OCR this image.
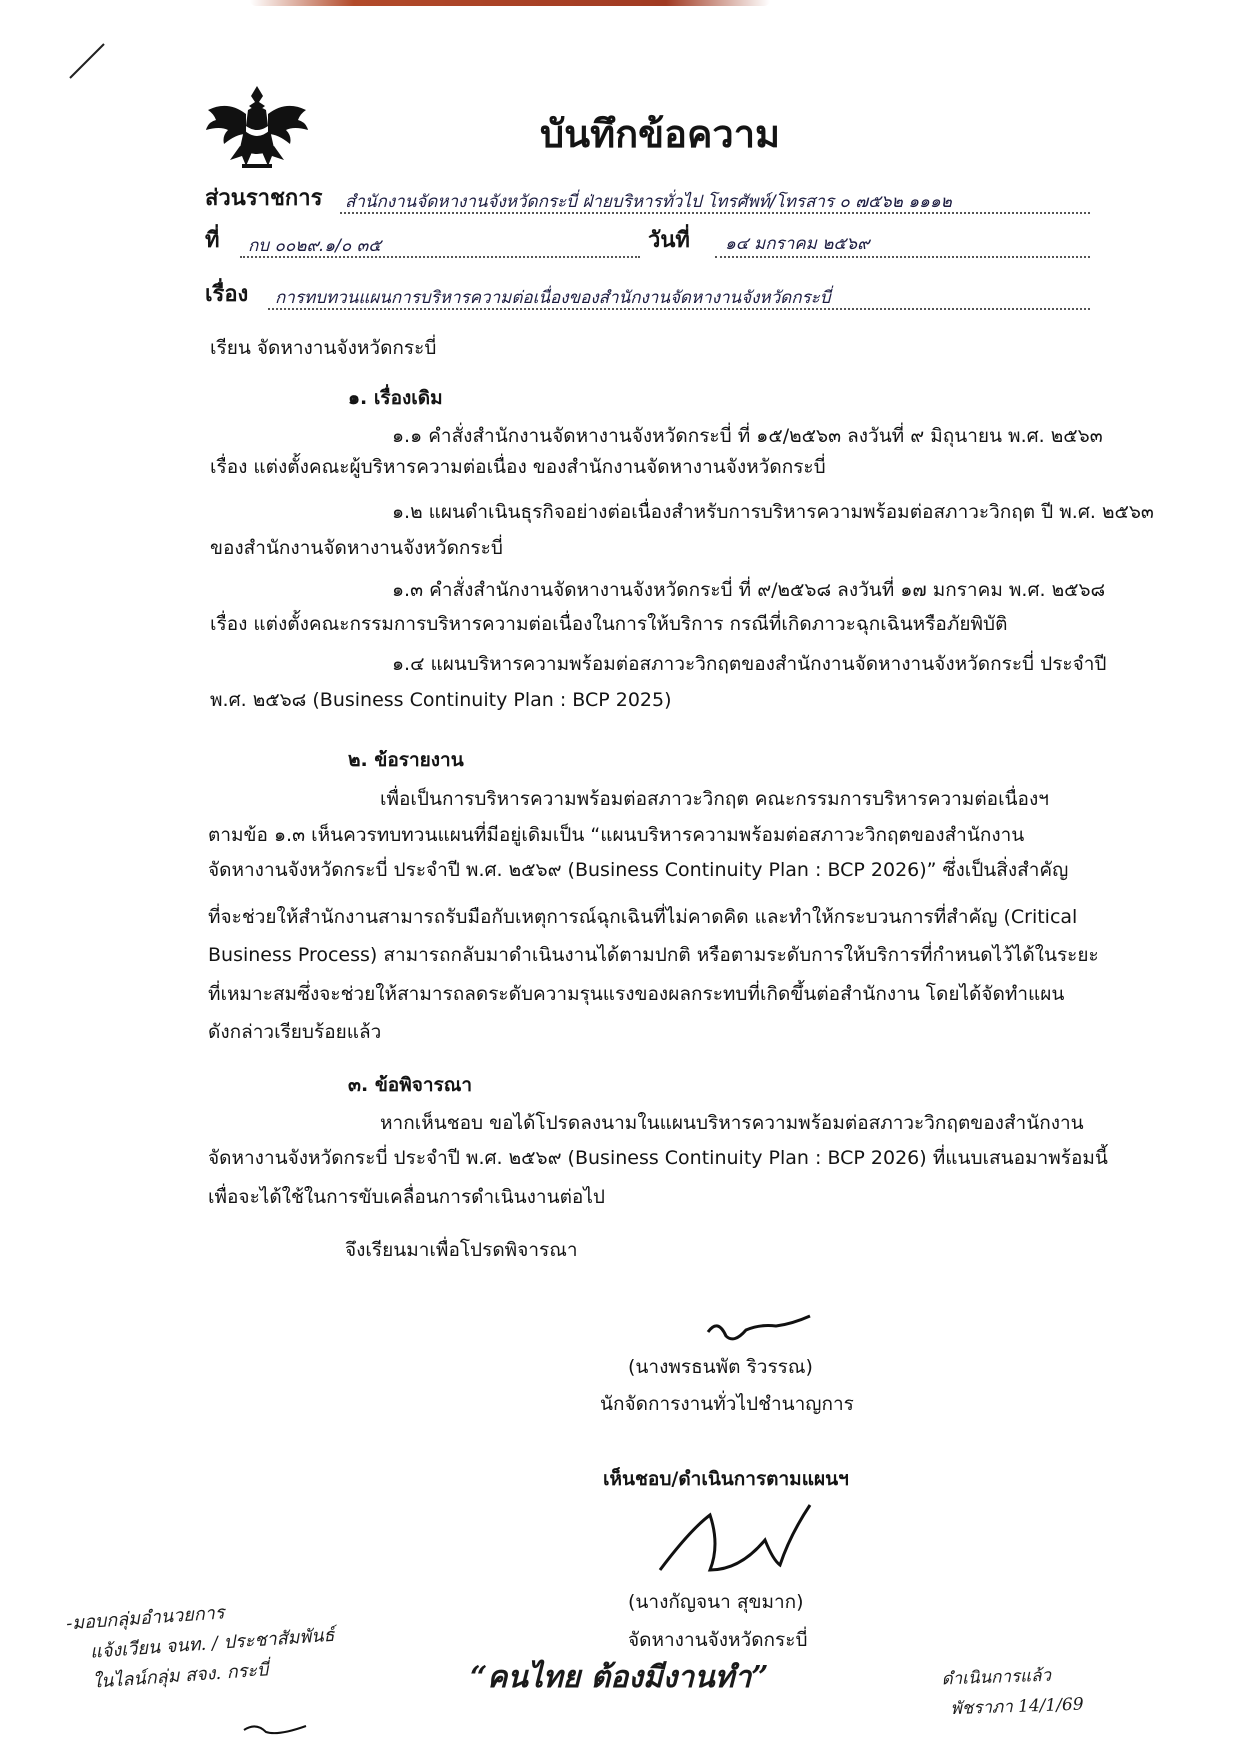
บันทึกข้อความ
ส่วนราชการ สำนักงานจัดหางานจังหวัดกระบี่ ฝ่ายบริหารทั่วไป โทรศัพท์/โทรสาร ๐ ๗๕๖๒ ๑๑๑๒
ที่ กบ ๐๐๒๙.๑/๐ ๓๕	วันที่ ๑๔ มกราคม ๒๕๖๙
เรื่อง การทบทวนแผนการบริหารความต่อเนื่องของสำนักงานจัดหางานจังหวัดกระบี่
เรียน จัดหางานจังหวัดกระบี่
๑. เรื่องเดิม
๑.๑ คำสั่งสำนักงานจัดหางานจังหวัดกระบี่ ที่ ๑๕/๒๕๖๓ ลงวันที่ ๙ มิถุนายน พ.ศ. ๒๕๖๓
เรื่อง แต่งตั้งคณะผู้บริหารความต่อเนื่อง ของสำนักงานจัดหางานจังหวัดกระบี่
๑.๒ แผนดำเนินธุรกิจอย่างต่อเนื่องสำหรับการบริหารความพร้อมต่อสภาวะวิกฤต ปี พ.ศ. ๒๕๖๓
ของสำนักงานจัดหางานจังหวัดกระบี่
๑.๓ คำสั่งสำนักงานจัดหางานจังหวัดกระบี่ ที่ ๙/๒๕๖๘ ลงวันที่ ๑๗ มกราคม พ.ศ. ๒๕๖๘
เรื่อง แต่งตั้งคณะกรรมการบริหารความต่อเนื่องในการให้บริการ กรณีที่เกิดภาวะฉุกเฉินหรือภัยพิบัติ
๑.๔ แผนบริหารความพร้อมต่อสภาวะวิกฤตของสำนักงานจัดหางานจังหวัดกระบี่ ประจำปี
พ.ศ. ๒๕๖๘ (Business Continuity Plan : BCP 2025)
๒. ข้อรายงาน
เพื่อเป็นการบริหารความพร้อมต่อสภาวะวิกฤต คณะกรรมการบริหารความต่อเนื่องฯ
ตามข้อ ๑.๓ เห็นควรทบทวนแผนที่มีอยู่เดิมเป็น “แผนบริหารความพร้อมต่อสภาวะวิกฤตของสำนักงาน
จัดหางานจังหวัดกระบี่ ประจำปี พ.ศ. ๒๕๖๙ (Business Continuity Plan : BCP 2026)” ซึ่งเป็นสิ่งสำคัญ
ที่จะช่วยให้สำนักงานสามารถรับมือกับเหตุการณ์ฉุกเฉินที่ไม่คาดคิด และทำให้กระบวนการที่สำคัญ (Critical
Business Process) สามารถกลับมาดำเนินงานได้ตามปกติ หรือตามระดับการให้บริการที่กำหนดไว้ได้ในระยะ
ที่เหมาะสมซึ่งจะช่วยให้สามารถลดระดับความรุนแรงของผลกระทบที่เกิดขึ้นต่อสำนักงาน โดยได้จัดทำแผน
ดังกล่าวเรียบร้อยแล้ว
๓. ข้อพิจารณา
หากเห็นชอบ ขอได้โปรดลงนามในแผนบริหารความพร้อมต่อสภาวะวิกฤตของสำนักงาน
จัดหางานจังหวัดกระบี่ ประจำปี พ.ศ. ๒๕๖๙ (Business Continuity Plan : BCP 2026) ที่แนบเสนอมาพร้อมนี้
เพื่อจะได้ใช้ในการขับเคลื่อนการดำเนินงานต่อไป
จึงเรียนมาเพื่อโปรดพิจารณา
(นางพรธนพัต ริวรรณ)
นักจัดการงานทั่วไปชำนาญการ
เห็นชอบ/ดำเนินการตามแผนฯ
(นางกัญจนา สุขมาก)
จัดหางานจังหวัดกระบี่
“คนไทย ต้องมีงานทำ”
-มอบกลุ่มอำนวยการ
แจ้งเวียน จนท. / ประชาสัมพันธ์
ในไลน์กลุ่ม สจง. กระบี่	ดำเนินการแล้ว
พัชราภา 14/1/69
